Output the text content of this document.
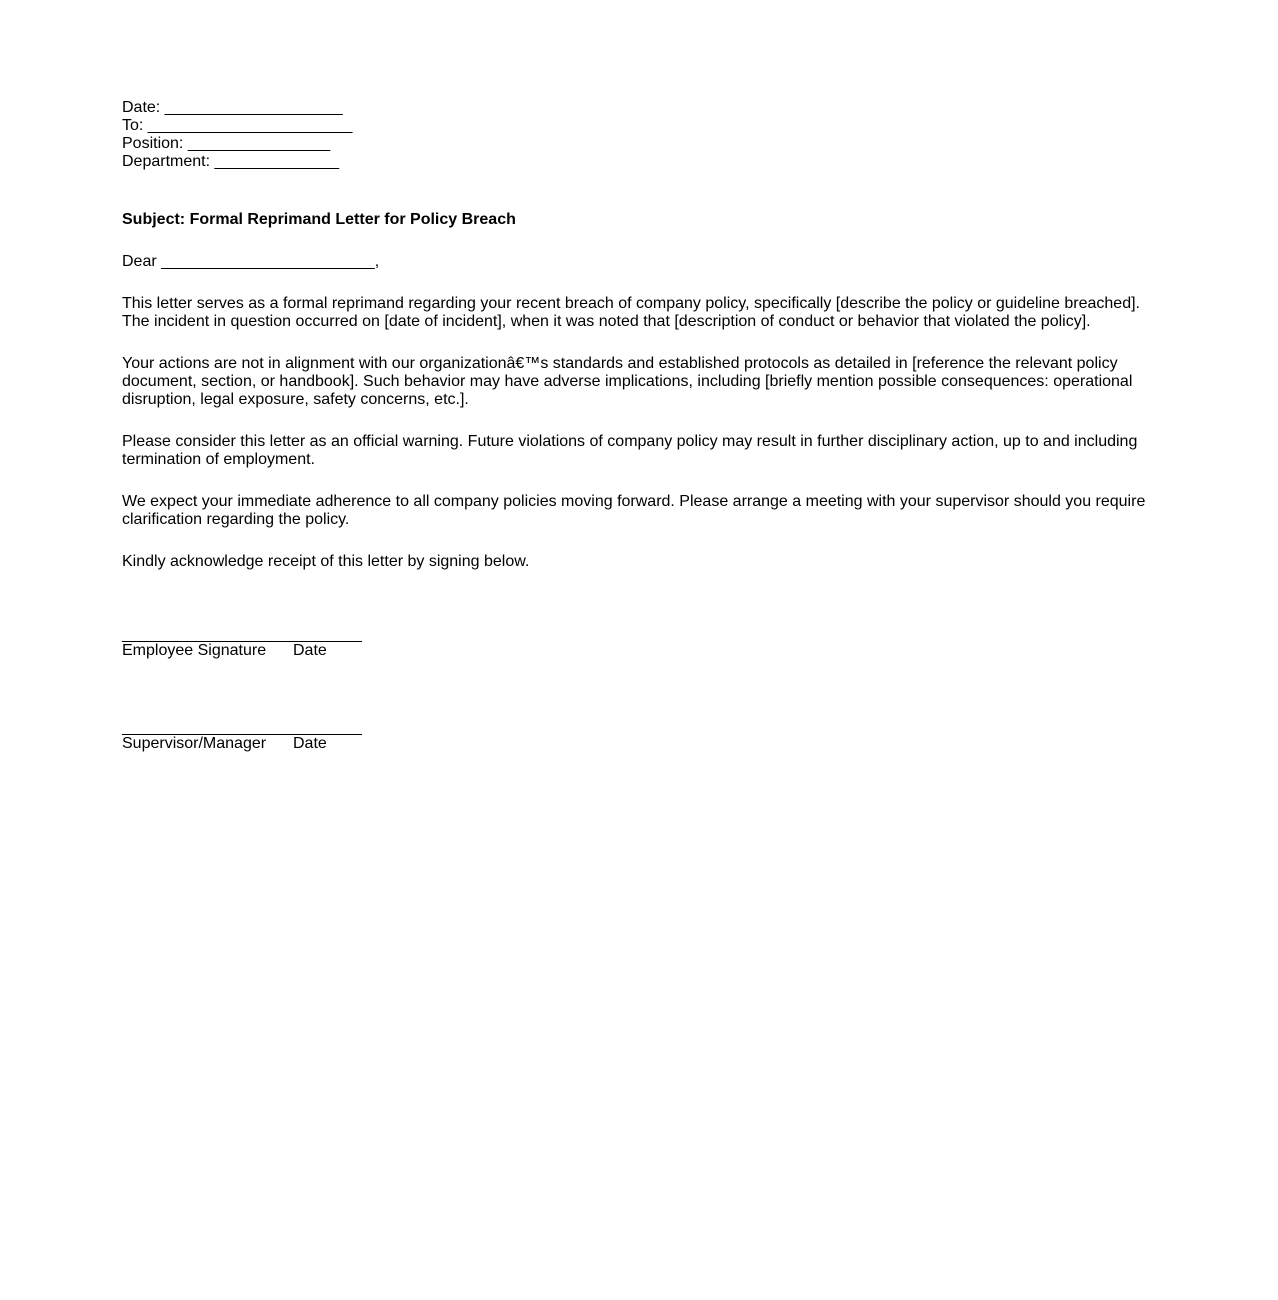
Date: ____________________
To: _______________________
Position: ________________
Department: ______________
Subject: Formal Reprimand Letter for Policy Breach
Dear ________________________,

This letter serves as a formal reprimand regarding your recent breach of company policy, specifically [describe the policy or guideline breached]. The incident in question occurred on [date of incident], when it was noted that [description of conduct or behavior that violated the policy].

Your actions are not in alignment with our organizationâ€™s standards and established protocols as detailed in [reference the relevant policy document, section, or handbook]. Such behavior may have adverse implications, including [briefly mention possible consequences: operational disruption, legal exposure, safety concerns, etc.].

Please consider this letter as an official warning. Future violations of company policy may result in further disciplinary action, up to and including termination of employment.

We expect your immediate adherence to all company policies moving forward. Please arrange a meeting with your supervisor should you require clarification regarding the policy.

Kindly acknowledge receipt of this letter by signing below.

Employee Signature	Date
Supervisor/Manager	Date
